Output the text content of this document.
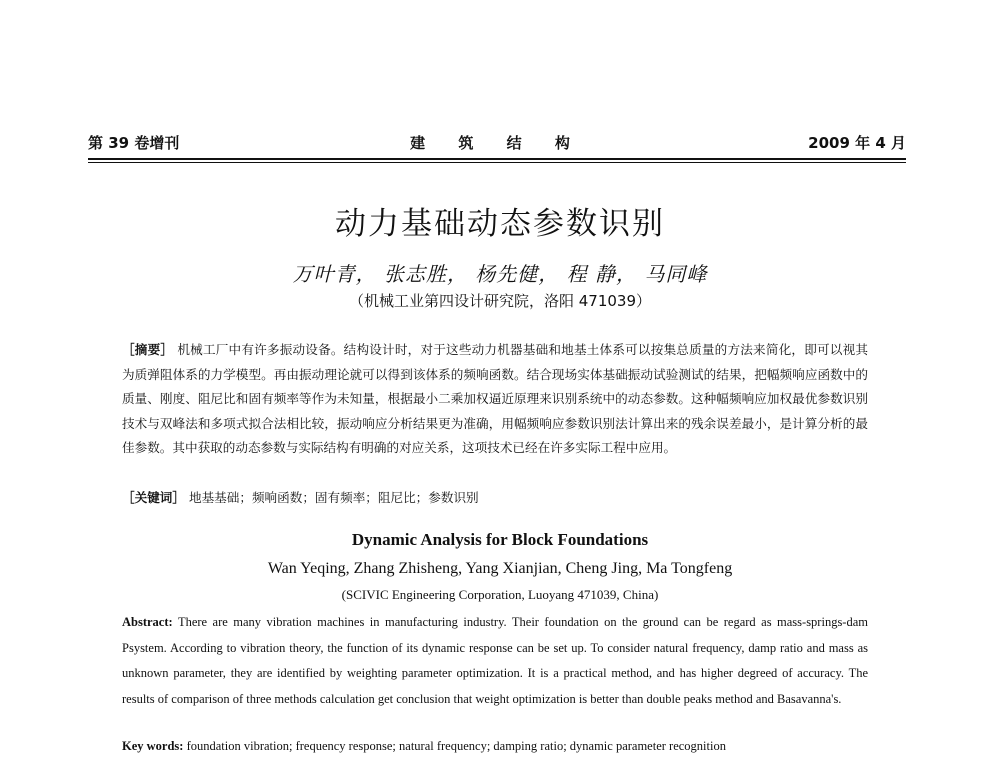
第 39 卷增刊	建 筑 结 构	2009 年 4 月
动力基础动态参数识别
万叶青， 张志胜， 杨先健， 程 静， 马同峰
（机械工业第四设计研究院，洛阳 471039）
［摘要］ 机械工厂中有许多振动设备。结构设计时，对于这些动力机器基础和地基土体系可以按集总质量的方法来简化，即可以视其为质弹阻体系的力学模型。再由振动理论就可以得到该体系的频响函数。结合现场实体基础振动试验测试的结果，把幅频响应函数中的质量、刚度、阻尼比和固有频率等作为未知量，根据最小二乘加权逼近原理来识别系统中的动态参数。这种幅频响应加权最优参数识别技术与双峰法和多项式拟合法相比较，振动响应分析结果更为准确，用幅频响应参数识别法计算出来的残余误差最小，是计算分析的最佳参数。其中获取的动态参数与实际结构有明确的对应关系，这项技术已经在许多实际工程中应用。
［关键词］ 地基基础；频响函数；固有频率；阻尼比；参数识别
Dynamic Analysis for Block Foundations
Wan Yeqing, Zhang Zhisheng, Yang Xianjian, Cheng Jing, Ma Tongfeng
(SCIVIC Engineering Corporation, Luoyang 471039, China)
Abstract: There are many vibration machines in manufacturing industry. Their foundation on the ground can be regard as mass-springs-dam Psystem. According to vibration theory, the function of its dynamic response can be set up. To consider natural frequency, damp ratio and mass as unknown parameter, they are identified by weighting parameter optimization. It is a practical method, and has higher degreed of accuracy. The results of comparison of three methods calculation get conclusion that weight optimization is better than double peaks method and Basavanna's.
Key words: foundation vibration; frequency response; natural frequency; damping ratio; dynamic parameter recognition
